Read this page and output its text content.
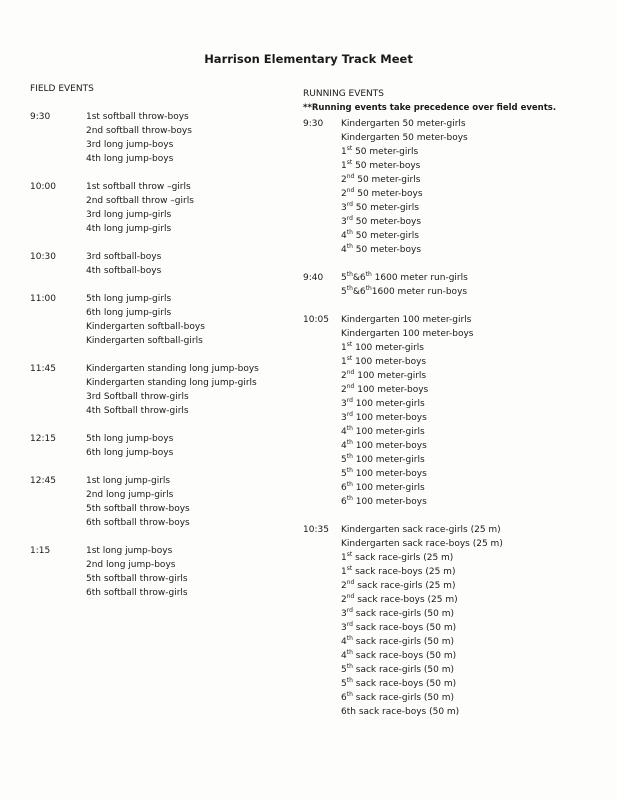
Harrison Elementary Track Meet
FIELD EVENTS
9:30	1st softball throw-boys
2nd softball throw-boys
3rd long jump-boys
4th long jump-boys
10:00	1st softball throw –girls
2nd softball throw –girls
3rd long jump-girls
4th long jump-girls
10:30	3rd softball-boys
4th softball-boys
11:00	5th long jump-girls
6th long jump-girls
Kindergarten softball-boys
Kindergarten softball-girls
11:45	Kindergarten standing long jump-boys
Kindergarten standing long jump-girls
3rd Softball throw-girls
4th Softball throw-girls
12:15	5th long jump-boys
6th long jump-boys
12:45	1st long jump-girls
2nd long jump-girls
5th softball throw-boys
6th softball throw-boys
1:15	1st long jump-boys
2nd long jump-boys
5th softball throw-girls
6th softball throw-girls
RUNNING EVENTS
**Running events take precedence over field events.
9:30	Kindergarten 50 meter-girls
Kindergarten 50 meter-boys
1st 50 meter-girls
1st 50 meter-boys
2nd 50 meter-girls
2nd 50 meter-boys
3rd 50 meter-girls
3rd 50 meter-boys
4th 50 meter-girls
4th 50 meter-boys
9:40	5th&6th 1600 meter run-girls
5th&6th1600 meter run-boys
10:05	Kindergarten 100 meter-girls
Kindergarten 100 meter-boys
1st 100 meter-girls
1st 100 meter-boys
2nd 100 meter-girls
2nd 100 meter-boys
3rd 100 meter-girls
3rd 100 meter-boys
4th 100 meter-girls
4th 100 meter-boys
5th 100 meter-girls
5th 100 meter-boys
6th 100 meter-girls
6th 100 meter-boys
10:35	Kindergarten sack race-girls (25 m)
Kindergarten sack race-boys (25 m)
1st sack race-girls (25 m)
1st sack race-boys (25 m)
2nd sack race-girls (25 m)
2nd sack race-boys (25 m)
3rd sack race-girls (50 m)
3rd sack race-boys (50 m)
4th sack race-girls (50 m)
4th sack race-boys (50 m)
5th sack race-girls (50 m)
5th sack race-boys (50 m)
6th sack race-girls (50 m)
6th sack race-boys (50 m)
